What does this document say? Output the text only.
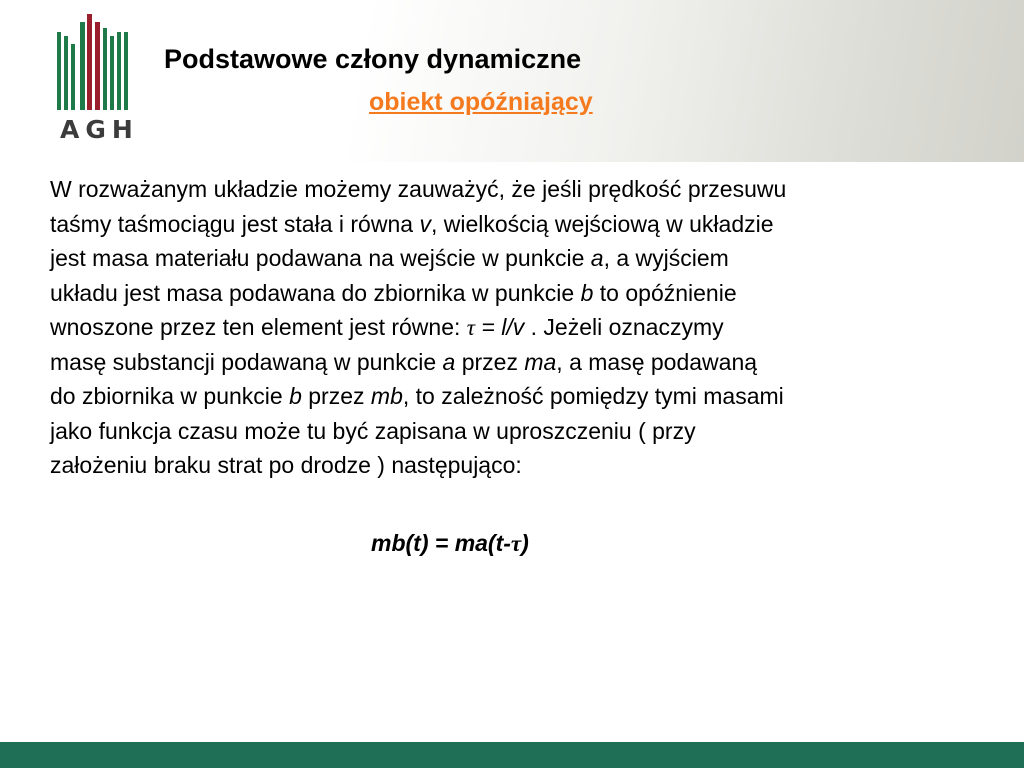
AGH
Podstawowe człony dynamiczne
obiekt opóźniający
W rozważanym układzie możemy zauważyć, że jeśli prędkość przesuwu
taśmy taśmociągu jest stała i równa v, wielkością wejściową w układzie
jest masa materiału podawana na wejście w punkcie a, a wyjściem
układu jest masa podawana do zbiornika w punkcie b to opóźnienie
wnoszone przez ten element jest równe: τ = l/v . Jeżeli oznaczymy
masę substancji podawaną w punkcie a przez ma, a masę podawaną
do zbiornika w punkcie b przez mb, to zależność pomiędzy tymi masami
jako funkcja czasu może tu być zapisana w uproszczeniu ( przy
założeniu braku strat po drodze ) następująco:
mb(t) = ma(t-τ)
